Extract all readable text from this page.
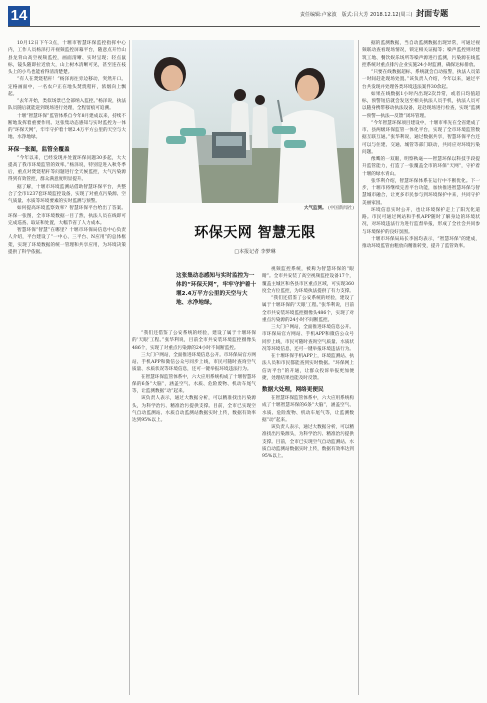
14	责任编辑:卢家波　版式:吕大芳 2018.12.12(周三) 封面专题

10月12日下午3点，十堰市智慧环保监控指挥中心内，工作人员杨泽打开视频监控屏幕平台，随意点开竹山县龙背山高空视频监控，画面清晰、实时呈现；轻点鼠标，镜头随即拉近放大，山上树木清晰可见，甚至连在枝头上的小鸟也能看得清清楚楚。

“有人在焚烧秸秆！”杨泽再往旁边移动，突然开口。定格画面中，一名农户正在地头焚烧秸秆，浓烟向上飘起。

“去年开始，类似场景已全部纳入监控。”杨泽说，执法队员随后就能赶到现场进行处理，全程留痕可追溯。

十堰“智慧环保”监管体系自今年8月建成以来，持续不断地发挥着重要作用。这张集动态感知与实时监控为一体的“环保天网”，牢牢守护着十堰2.4万平方公里的天空与大地、水净地绿。

环保一张图，监管全覆盖

“今年以来，已经发现并处置环保问题30多起，大大提高了我市环境监管的效率。”杨泽说，特别是进入秋冬季后，重点对焚烧秸秆等问题进行全天候监控，大气污染源得到有效管控，群众满意度明显提升。

据了解，十堰市环境监测站借助智慧环保平台，共整合了全市1237套环境监控设备，实现了对重点污染源、空气质量、水质等环境要素的实时监测与预警。

如何提高环境监察效率？智慧环保平台给出了答案。环保一张图，全市环境数据一目了然，执法人员在线即可完成巡查、取证和处置，大幅节省了人力成本。

智慧环保“智慧”在哪里？十堰市环保局信息中心负责人介绍，平台建设了“一中心、三平台、N应用”的总体框架，实现了环境数据的统一管理和共享应用，为环境决策提供了科学依据。

大气监测。 (中国新闻社)
环保天网 智慧无限
□本报记者 李梦琳
这张集动态感知与实时监控为一体的“环保天网”，牢牢守护着十堰2.4万平方公里的天空与大地、水净地绿。

视频监控系统，被称为智慧环保的“眼睛”。全市共安装了高空视频监控设备17个，覆盖主城区和各县市区重点区域，可实现360度全方位监控，为环境执法提供了有力支撑。

“我们还借鉴了公安系统的经验，建设了属于十堰环保的‘天眼’工程。”张华利说，目前全市共安装环境监控摄像头486个，实现了对重点污染源的24小时不间断监控。

三大门户网站，全面推进环境信息公开。市环保局官方网站、手机APP和微信公众号同步上线，市民可随时查询空气质量、水质状况等环境信息，还可一键举报环境违法行为。

在十堰环保手机APP上，环境监测站、执法人员和市民都能查到实时数据。“环保网上信访平台”的开通，让群众投诉举报更加便捷，处理结果也能及时反馈。

数据大处理，网络更便民

在智慧环保监管体系中，六大应用系统构成了十堰智慧环保的6条“大脑”，涵盖空气、水质、危险废物、机动车尾气等，让监测数据“动”起来。

该负责人表示，通过大数据分析，可以精准找出污染源头，为科学治污、精准治污提供支撑。目前，全市已实现空气自动监测站、水质自动监测站数据实时上传，数据有效率达到95%以上。

“我们还借鉴了公安系统的经验，建设了属于十堰环保的‘天眼’工程。”张华利说，目前全市共安装环境监控摄像头486个，实现了对重点污染源的24小时不间断监控。

三大门户网站，全面推进环境信息公开。市环保局官方网站、手机APP和微信公众号同步上线，市民可随时查询空气质量、水质状况等环境信息，还可一键举报环境违法行为。

在智慧环保监管体系中，六大应用系统构成了十堰智慧环保的6条“大脑”，涵盖空气、水质、危险废物、机动车尾气等，让监测数据“动”起来。

该负责人表示，通过大数据分析，可以精准找出污染源头，为科学治污、精准治污提供支撑。目前，全市已实现空气自动监测站、水质自动监测站数据实时上传，数据有效率达到95%以上。

据的监测数据，当自动监测数据出现异常，可通过视频联动查看现场情况，锁定相关证据等；噪声监控则对建筑工地、餐饮娱乐场所等噪声源进行监测，污染源在线监控系统对重点排污企业实施24小时监测，确保达标排放。

“只要在线数据超标，系统就会自动报警，执法人员第一时间赶赴现场处置。”该负责人介绍，今年以来，通过平台共发现并处理各类环境违法案件30余起。

如果在线数据1小时内出现2次异常，或者日均值超标，预警短信就会发送至相关执法人员手机，执法人员可以随身携带移动执法设备，赶赴现场进行检查，实现“监测—预警—执法—反馈”闭环管理。

“今年智慧环保项目建设中，十堰市率先在全省建成了市、县两级环保监管一体化平台，实现了全市环境监管数据互联互通。”张华利说，通过数据共享，智慧环保平台还可以与住建、交通、城管等部门联动，共同应对环境污染问题。

像鹰的一双眼，明察秋毫——智慧环保以科技手段提升监管能力，打造了一张覆盖全市的环保“天网”，守护着十堰的绿水青山。

张华利介绍，智慧环保体系在运行中不断优化。下一步，十堰市将继续完善平台功能，加快推进智慧环保与智慧城市融合，让更多市民参与到环境保护中来，共同守护美丽家园。

环境信息实时公开，也让环境保护走上了阳光化道路。市民可通过网站和手机APP随时了解身边的环境状况，对环境违法行为进行监督举报，形成了全社会共同参与环境保护的良好氛围。

十堰市环保局局长李国均表示，“智慧环保”的建成，推动环境监管由粗放向精准转变，提升了监管效率。
